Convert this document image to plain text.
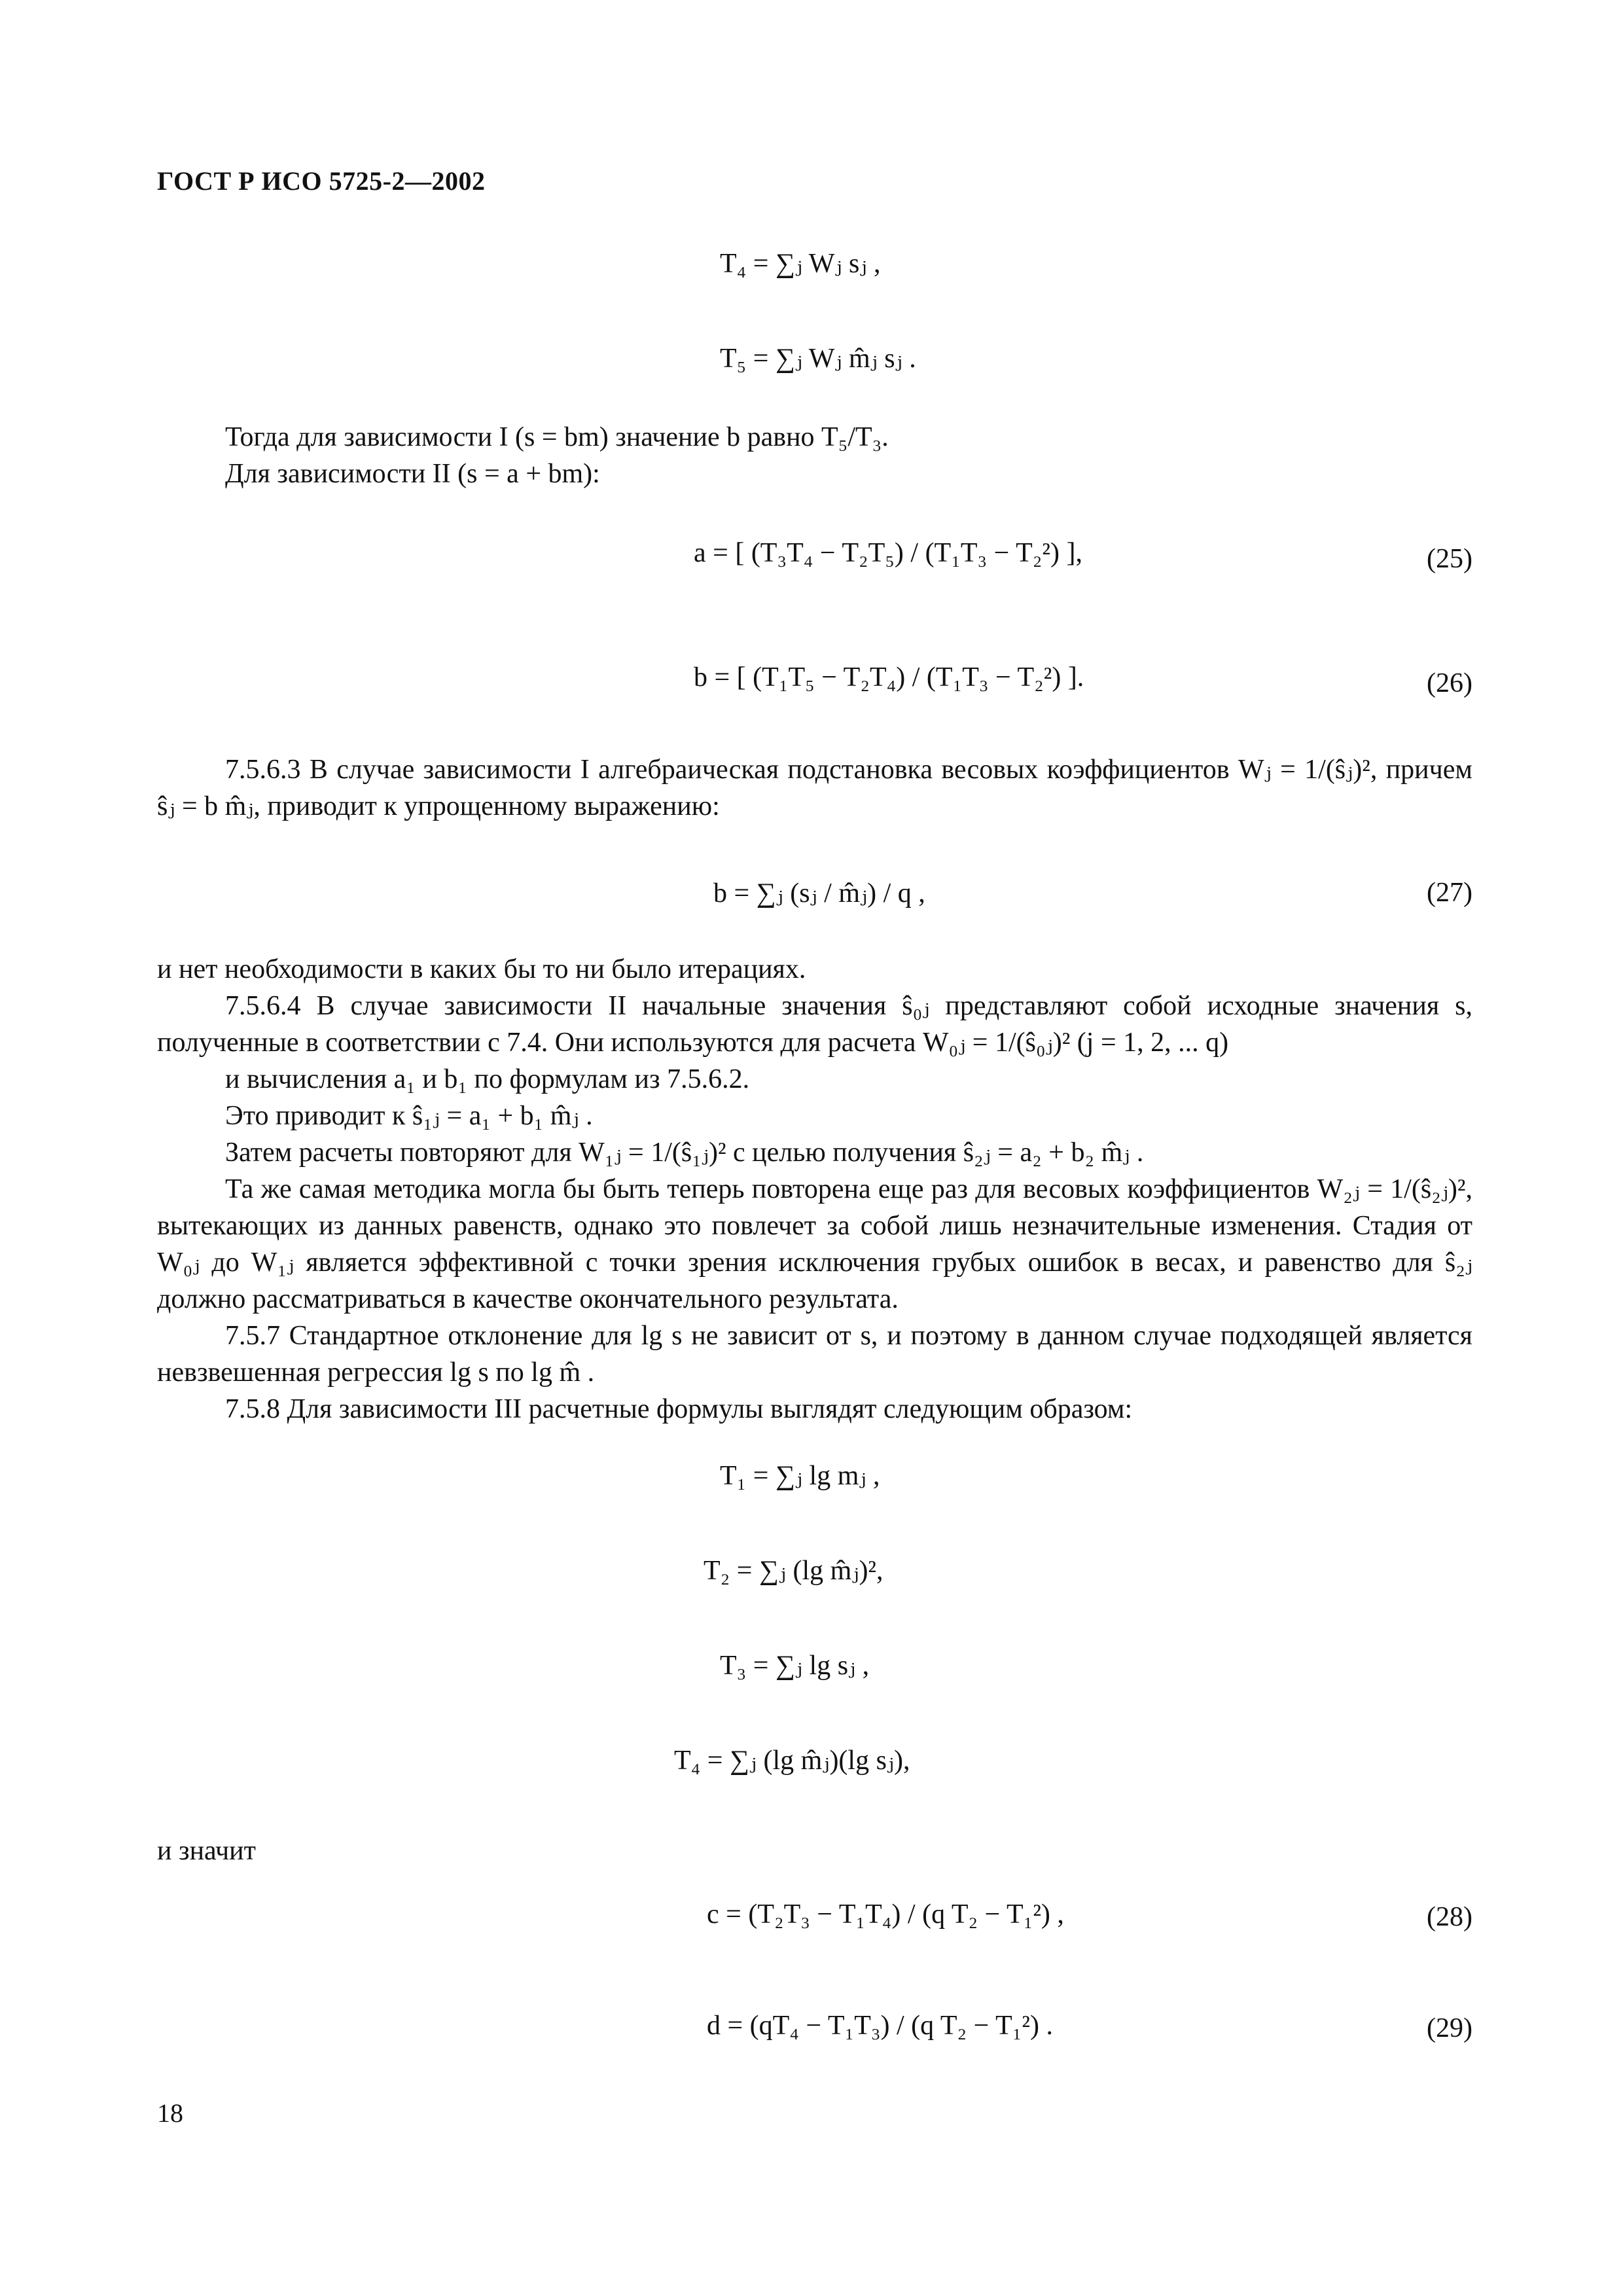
ГОСТ Р ИСО 5725-2—2002
T₄ = ∑ⱼ Wⱼ sⱼ ,
T₅ = ∑ⱼ Wⱼ m̂ⱼ sⱼ .
Тогда для зависимости I (s = bm) значение b равно T₅/T₃.
Для зависимости II (s = a + bm):
a = [ (T₃T₄ − T₂T₅) / (T₁T₃ − T₂²) ],	(25)
b = [ (T₁T₅ − T₂T₄) / (T₁T₃ − T₂²) ].	(26)
7.5.6.3 В случае зависимости I алгебраическая подстановка весовых коэффициентов Wⱼ = 1/(ŝⱼ)², причем ŝⱼ = b m̂ⱼ, приводит к упрощенному выражению:
b = ∑ⱼ (sⱼ / m̂ⱼ) / q ,	(27)
и нет необходимости в каких бы то ни было итерациях.
7.5.6.4 В случае зависимости II начальные значения ŝ₀ⱼ представляют собой исходные значения s, полученные в соответствии с 7.4. Они используются для расчета W₀ⱼ = 1/(ŝ₀ⱼ)² (j = 1, 2, ... q)
и вычисления a₁ и b₁ по формулам из 7.5.6.2.
Это приводит к ŝ₁ⱼ = a₁ + b₁ m̂ⱼ .
Затем расчеты повторяют для W₁ⱼ = 1/(ŝ₁ⱼ)² с целью получения ŝ₂ⱼ = a₂ + b₂ m̂ⱼ .
Та же самая методика могла бы быть теперь повторена еще раз для весовых коэффициентов W₂ⱼ = 1/(ŝ₂ⱼ)², вытекающих из данных равенств, однако это повлечет за собой лишь незначительные изменения. Стадия от W₀ⱼ до W₁ⱼ является эффективной с точки зрения исключения грубых ошибок в весах, и равенство для ŝ₂ⱼ должно рассматриваться в качестве окончательного результата.
7.5.7 Стандартное отклонение для lg s не зависит от s, и поэтому в данном случае подходящей является невзвешенная регрессия lg s по lg m̂ .
7.5.8 Для зависимости III расчетные формулы выглядят следующим образом:
T₁ = ∑ⱼ lg mⱼ ,
T₂ = ∑ⱼ (lg m̂ⱼ)²,
T₃ = ∑ⱼ lg sⱼ ,
T₄ = ∑ⱼ (lg m̂ⱼ)(lg sⱼ),
и значит
c = (T₂T₃ − T₁T₄) / (q T₂ − T₁²) ,	(28)
d = (qT₄ − T₁T₃) / (q T₂ − T₁²) .	(29)
18
